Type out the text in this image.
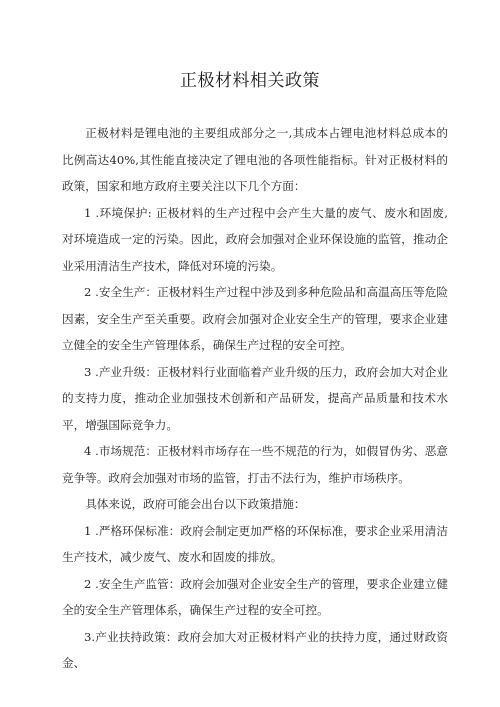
正极材料相关政策

正极材料是锂电池的主要组成部分之一,其成本占锂电池材料总成本的比例高达40%,其性能直接决定了锂电池的各项性能指标。针对正极材料的政策，国家和地方政府主要关注以下几个方面：

1 .环境保护: 正极材料的生产过程中会产生大量的废气、废水和固废, 对环境造成一定的污染。因此，政府会加强对企业环保设施的监管，推动企业采用清洁生产技术，降低对环境的污染。

2 .安全生产：正极材料生产过程中涉及到多种危险品和高温高压等危险因素，安全生产至关重要。政府会加强对企业安全生产的管理，要求企业建立健全的安全生产管理体系，确保生产过程的安全可控。

3 .产业升级：正极材料行业面临着产业升级的压力，政府会加大对企业的支持力度，推动企业加强技术创新和产品研发，提高产品质量和技术水平，增强国际竞争力。

4 .市场规范：正极材料市场存在一些不规范的行为，如假冒伪劣、恶意竞争等。政府会加强对市场的监管，打击不法行为，维护市场秩序。

具体来说，政府可能会出台以下政策措施：

1 .严格环保标准：政府会制定更加严格的环保标准，要求企业采用清洁生产技术，减少废气、废水和固废的排放。

2 .安全生产监管：政府会加强对企业安全生产的管理，要求企业建立健全的安全生产管理体系，确保生产过程的安全可控。

3.产业扶持政策：政府会加大对正极材料产业的扶持力度，通过财政资金、
